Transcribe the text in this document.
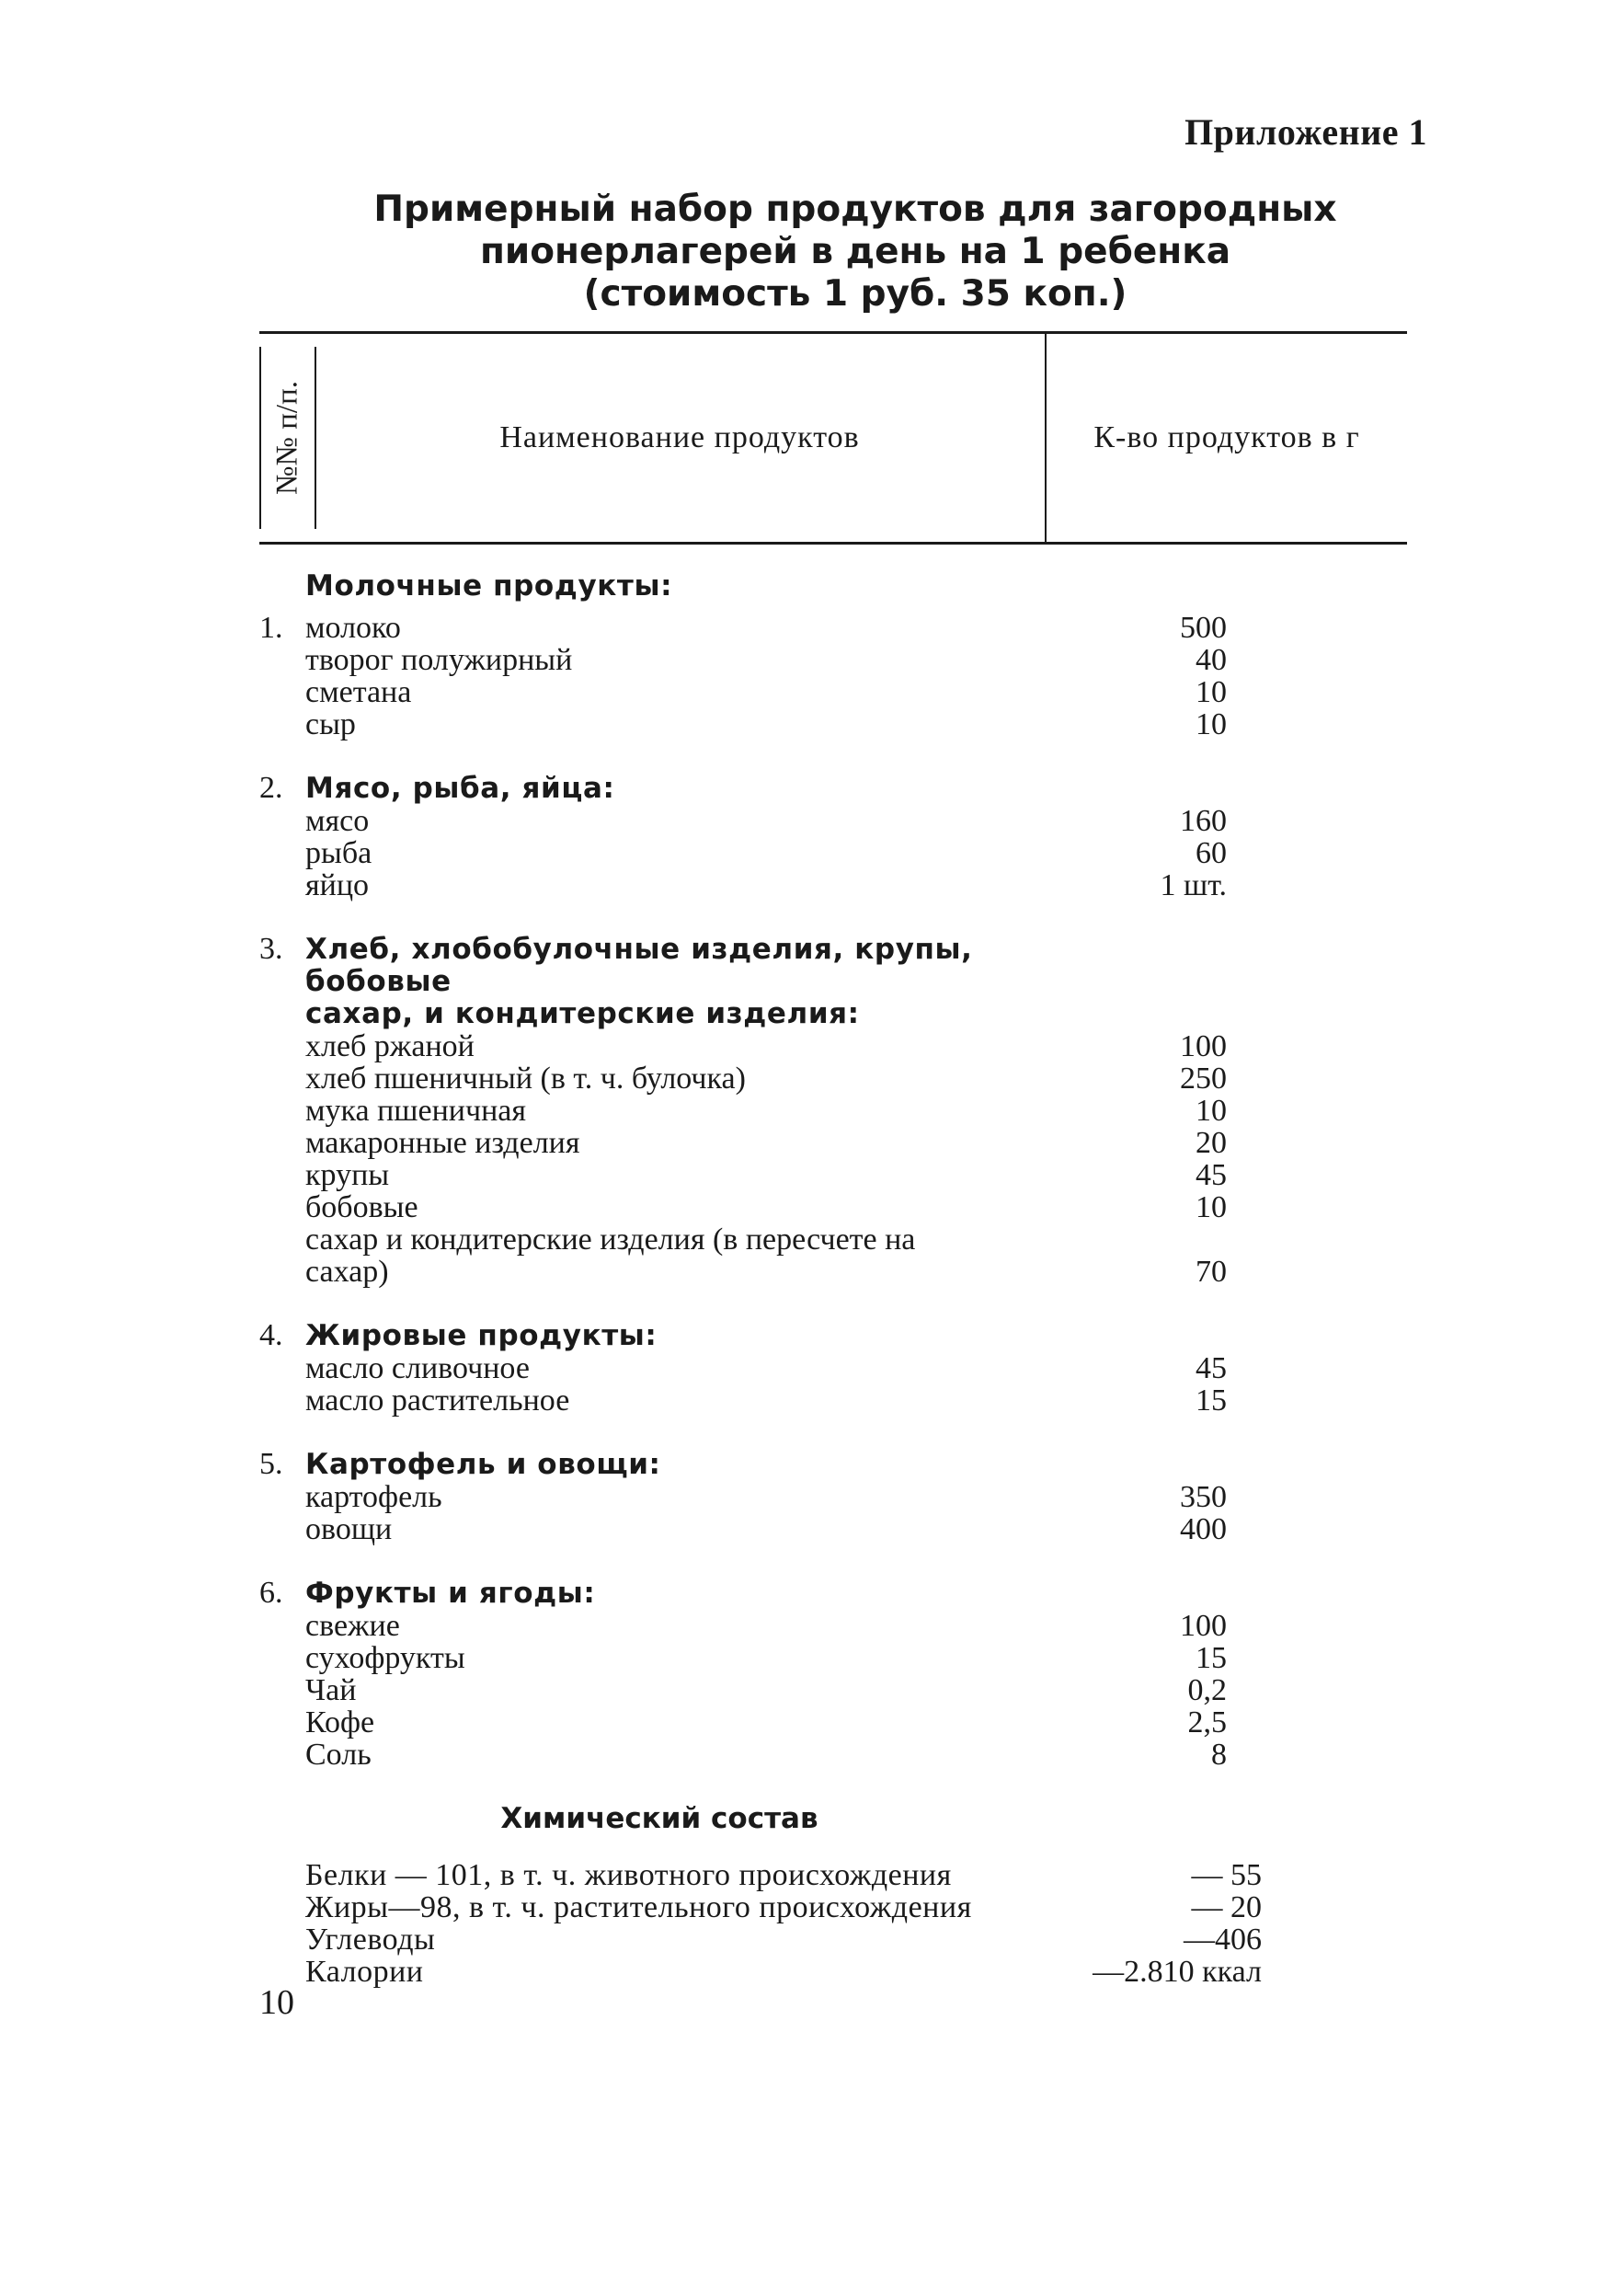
Приложение 1
Примерный набор продуктов для загородных
пионерлагерей в день на 1 ребенка
(стоимость 1 руб. 35 коп.)
№№ п/п.	Наименование продуктов	К-во продуктов в г
Молочные продукты:
1. молоко	500
творог полужирный	40
сметана	10
сыр	10
2. Мясо, рыба, яйца:
мясо	160
рыба	60
яйцо	1 шт.
3. Хлеб, хлобобулочные изделия, крупы, бобовые
сахар, и кондитерские изделия:
хлеб ржаной	100
хлеб пшеничный (в т. ч. булочка)	250
мука пшеничная	10
макаронные изделия	20
крупы	45
бобовые	10
сахар и кондитерские изделия (в пересчете на
сахар)	70
4. Жировые продукты:
масло сливочное	45
масло растительное	15
5. Картофель и овощи:
картофель	350
овощи	400
6. Фрукты и ягоды:
свежие	100
сухофрукты	15
Чай	0,2
Кофе	2,5
Соль	8
Химический состав
Белки — 101, в т. ч. животного происхождения	— 55
Жиры—98, в т. ч. растительного происхождения	— 20
Углеводы	—406
Калории	—2.810 ккал
10
